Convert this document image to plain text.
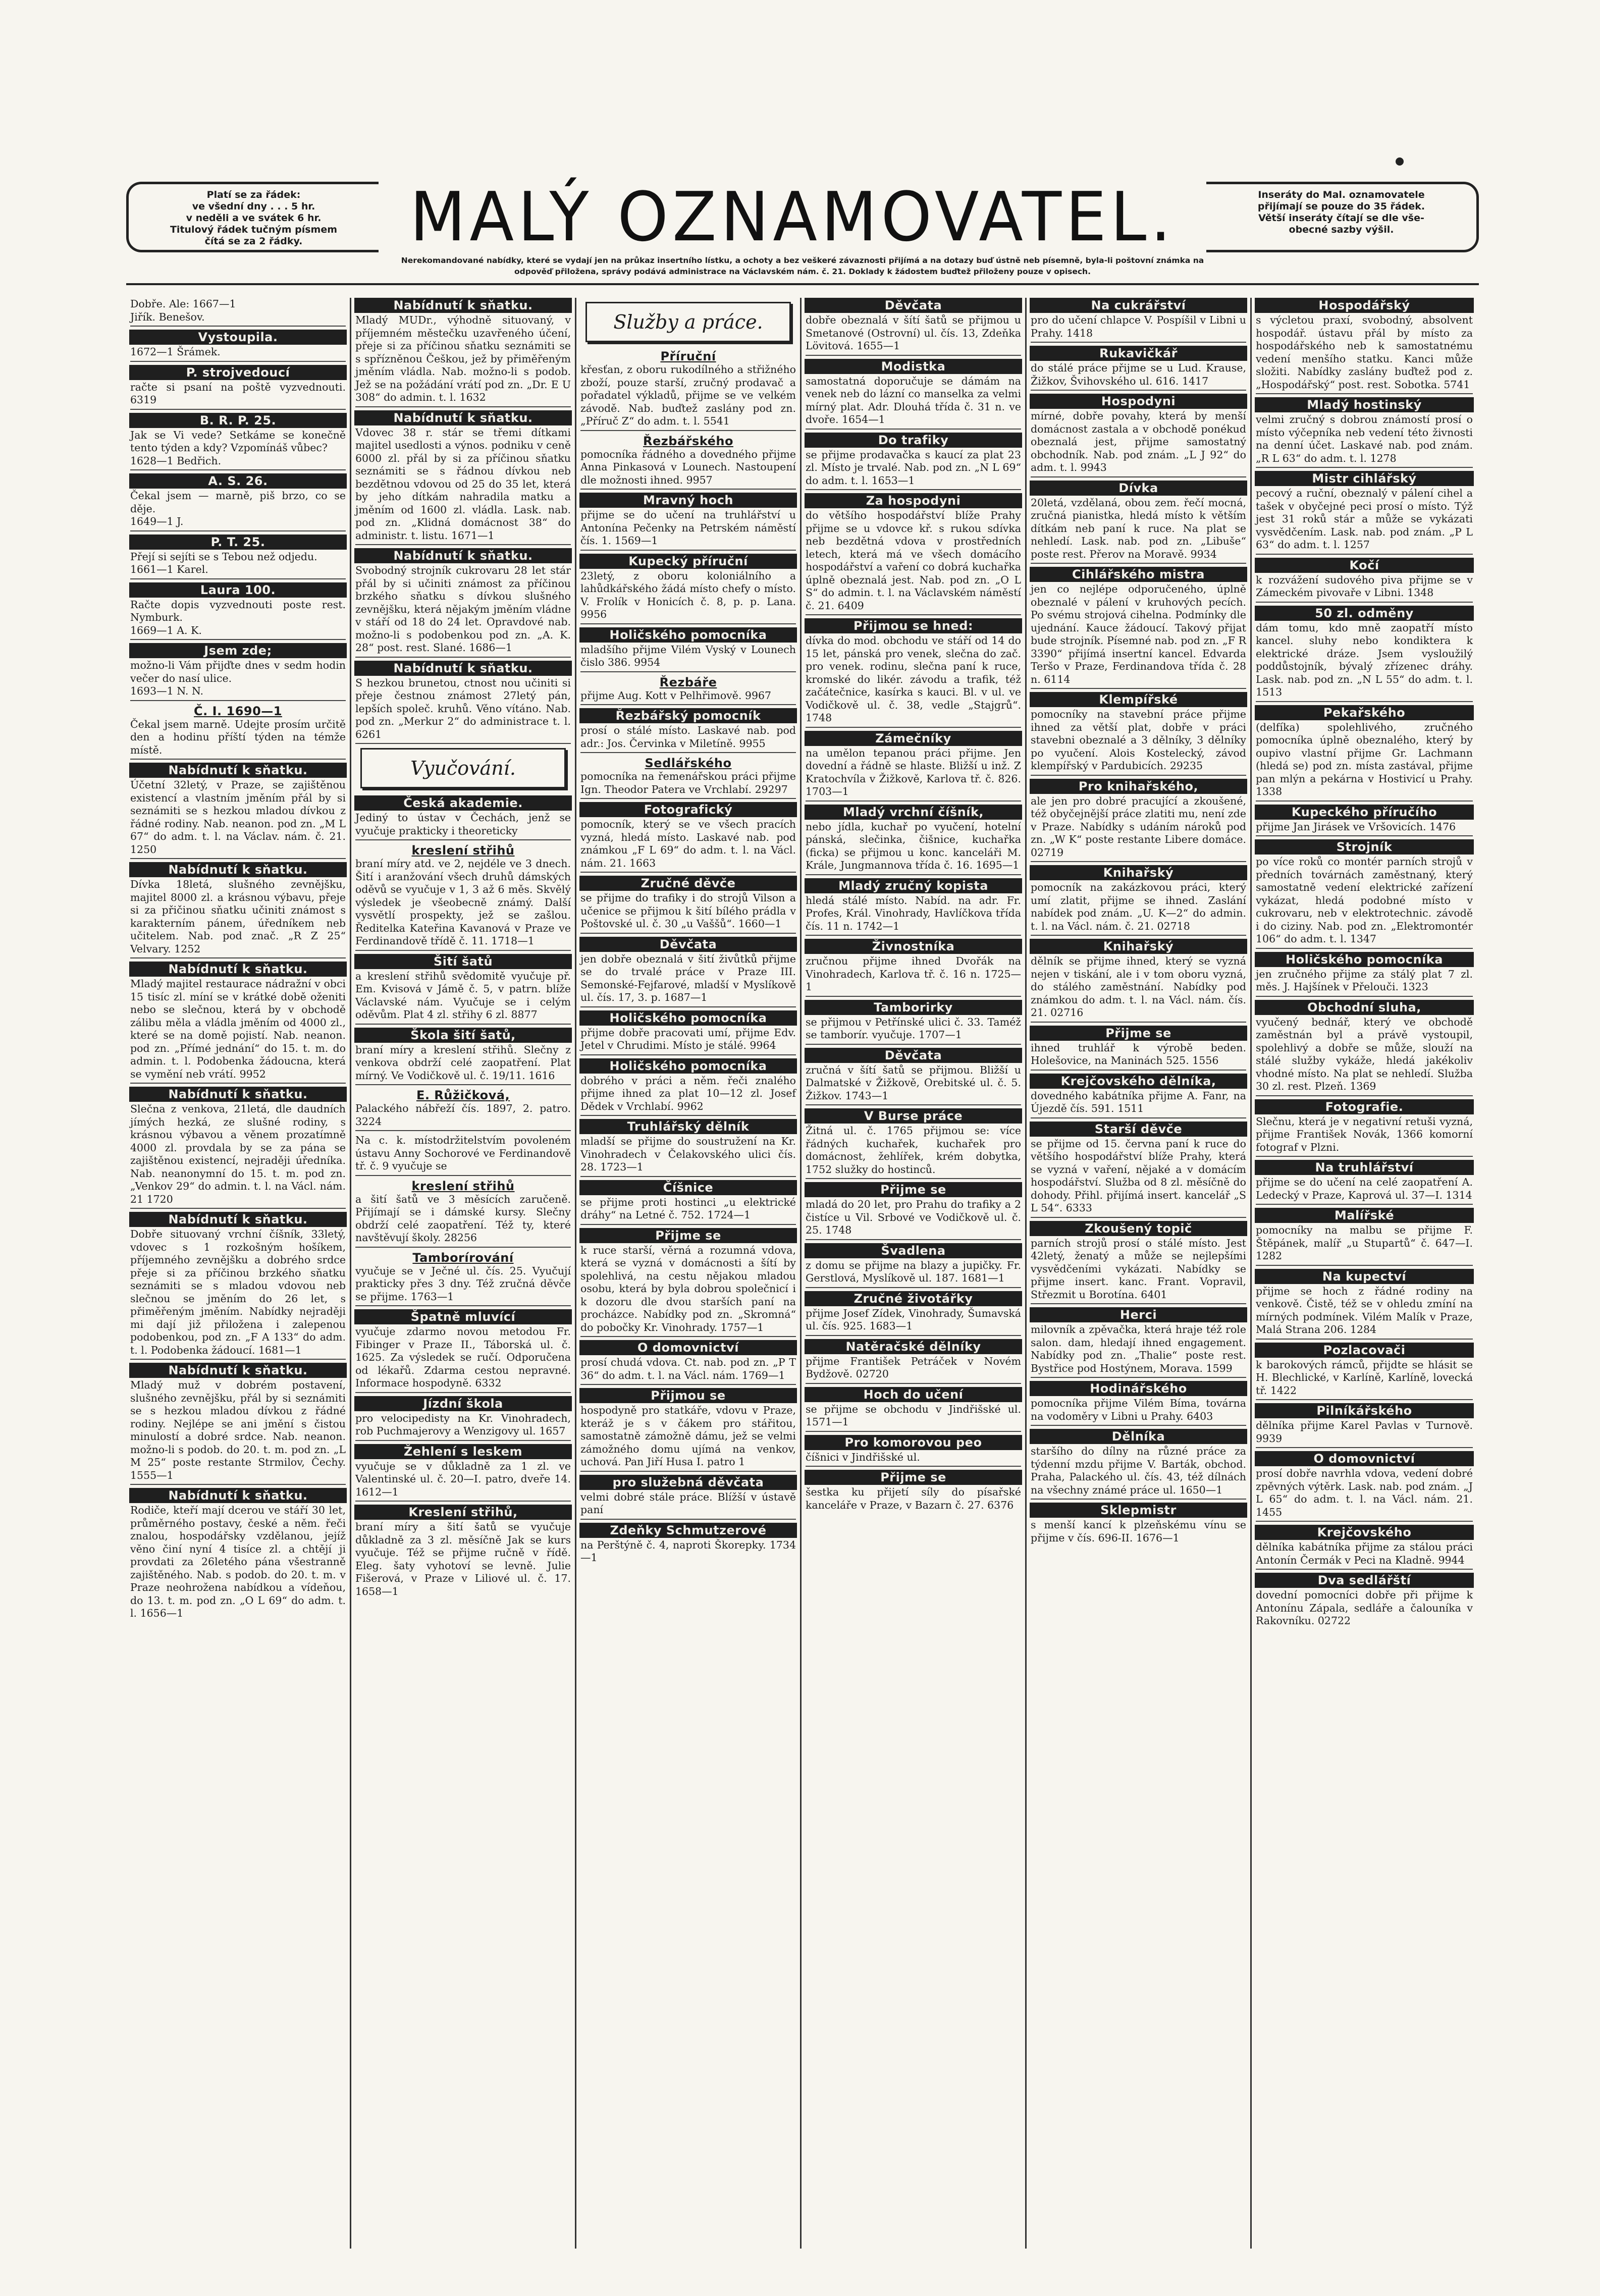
Platí se za řádek:
ve všední dny . . . 5 hr.
v neděli a ve svátek 6 hr.
Titulový řádek tučným písmem
čítá se za 2 řádky.	MALÝ OZNAMOVATEL.	Inseráty do Mal. oznamovatele
přijímají se pouze do 35 řádek.
Větší inseráty čítají se dle vše-
obecné sazby výšil.
Nerekomandované nabídky, které se vydají jen na průkaz insertního lístku, a ochoty a bez veškeré závaznosti přijímá a na dotazy buď ústně neb písemně, byla-li poštovní známka na
odpověď přiložena, správy podává administrace na Václavském nám. č. 21. Doklady k žádostem buďtež přiloženy pouze v opisech.
Dobře. Ale: 1667—1
Jiřík. Benešov.
Vystoupila.
1672—1 Šrámek.
P. strojvedoucí
račte si psaní na poště vyzvednouti. 6319
B. R. P. 25.
Jak se Vi vede? Setkáme se konečně tento týden a kdy? Vzpomínáš vůbec?
1628—1 Bedřich.
A. S. 26.
Čekal jsem — marně, piš brzo, co se děje.
1649—1 J.
P. T. 25.
Přejí si sejíti se s Tebou než odjedu.
1661—1 Karel.
Laura 100.
Račte dopis vyzvednouti poste rest. Nymburk.
1669—1 A. K.
Jsem zde;
možno-li Vám přijďte dnes v sedm hodin večer do nasí ulice.
1693—1 N. N.
Č. I. 1690—1
Čekal jsem marně. Udejte prosím určitě den a hodinu příští týden na témže místě.
Nabídnutí k sňatku.
Účetní 32letý, v Praze, se zajištěnou existencí a vlastním jměním přál by si seznámiti se s hezkou mladou dívkou z řádné rodiny. Nab. neanon. pod zn. „M L 67“ do adm. t. l. na Václav. nám. č. 21. 1250
Nabídnutí k sňatku.
Dívka 18letá, slušného zevnějšku, majitel 8000 zl. a krásnou výbavu, přeje si za přičinou sňatku učiniti známost s karakterním pánem, úředníkem neb učitelem. Nab. pod znač. „R Z 25“ Velvary. 1252
Nabídnutí k sňatku.
Mladý majitel restaurace nádražní v obci 15 tisíc zl. míní se v krátké době oženiti nebo se slečnou, která by v obchodě zálibu měla a vládla jměním od 4000 zl., které se na domě pojistí. Nab. neanon. pod zn. „Přímé jednání“ do 15. t. m. do admin. t. l. Podobenka žádoucna, která se vymění neb vrátí. 9952
Nabídnutí k sňatku.
Slečna z venkova, 21letá, dle daudních jímých hezká, ze slušné rodiny, s krásnou výbavou a věnem prozatímně 4000 zl. provdala by se za pána se zajištěnou existencí, nejraději úředníka. Nab. neanonymní do 15. t. m. pod zn. „Venkov 29“ do admin. t. l. na Václ. nám. 21 1720
Nabídnutí k sňatku.
Dobře situovaný vrchní číšník, 33letý, vdovec s 1 rozkošným hošíkem, příjemného zevnějšku a dobrého srdce přeje si za příčinou brzkého sňatku seznámiti se s mladou vdovou neb slečnou se jměním do 26 let, s přiměřeným jměním. Nabídky nejraději mi dají již přiložena i zalepenou podobenkou, pod zn. „F A 133“ do adm. t. l. Podobenka žádoucí. 1681—1
Nabídnutí k sňatku.
Mladý muž v dobrém postavení, slušného zevnějšku, přál by si seznámiti se s hezkou mladou dívkou z řádné rodiny. Nejlépe se ani jmění s čistou minulostí a dobré srdce. Nab. neanon. možno-li s podob. do 20. t. m. pod zn. „L M 25“ poste restante Strmilov, Čechy. 1555—1
Nabídnutí k sňatku.
Rodiče, kteří mají dcerou ve stáří 30 let, průměrného postavy, české a něm. řeči znalou, hospodářsky vzdělanou, jejíž věno činí nyní 4 tisíce zl. a chtějí ji provdati za 26letého pána všestranně zajištěného. Nab. s podob. do 20. t. m. v Praze neohrožena nabídkou a vídeňou, do 13. t. m. pod zn. „O L 69“ do adm. t. l. 1656—1
Nabídnutí k sňatku.
Mladý MUDr., výhodně situovaný, v příjemném městečku uzavřeného účení, přeje si za příčinou sňatku seznámiti se s spřízněnou Češkou, jež by přiměřeným jměním vládla. Nab. možno-li s podob. Jež se na požádání vrátí pod zn. „Dr. E U 308“ do admin. t. l. 1632
Nabídnutí k sňatku.
Vdovec 38 r. stár se třemi dítkami majitel usedlosti a výnos. podniku v ceně 6000 zl. přál by si za příčinou sňatku seznámiti se s řádnou dívkou neb bezdětnou vdovou od 25 do 35 let, která by jeho dítkám nahradila matku a jměním od 1600 zl. vládla. Lask. nab. pod zn. „Klidná domácnost 38“ do administr. t. listu. 1671—1
Nabídnutí k sňatku.
Svobodný strojník cukrovaru 28 let stár přál by si učiniti známost za příčinou brzkého sňatku s dívkou slušného zevnějšku, která nějakým jměním vládne v stáří od 18 do 24 let. Opravdové nab. možno-li s podobenkou pod zn. „A. K. 28“ post. rest. Slané. 1686—1
Nabídnutí k sňatku.
S hezkou brunetou, ctnost nou učiniti si přeje čestnou známost 27letý pán, lepších společ. kruhů. Věno vítáno. Nab. pod zn. „Merkur 2“ do administrace t. l. 6261
Vyučování.
Česká akademie.
Jediný to ústav v Čechách, jenž se vyučuje prakticky i theoreticky
kreslení střihů
braní míry atd. ve 2, nejdéle ve 3 dnech. Šití i aranžování všech druhů dámských oděvů se vyučuje v 1, 3 až 6 měs. Skvělý výsledek je všeobecně známý. Další vysvětlí prospekty, jež se zašlou. Ředitelka Kateřina Kavanová v Praze ve Ferdinandově třídě č. 11. 1718—1
Šití šatů
a kreslení střihů svědomitě vyučuje př. Em. Kvisová v Jámě č. 5, v patrn. blíže Václavské nám. Vyučuje se i celým oděvům. Plat 4 zl. střihy 6 zl. 8877
Škola šití šatů,
braní míry a kreslení střihů. Slečny z venkova obdrží celé zaopatření. Plat mírný. Ve Vodičkově ul. č. 19/11. 1616
E. Růžičková,
Palackého nábřeží čís. 1897, 2. patro. 3224
Na c. k. místodržitelstvím povoleném ústavu Anny Sochorové ve Ferdinandově tř. č. 9 vyučuje se
kreslení střihů
a šití šatů ve 3 měsících zaručeně. Přijímají se i dámské kursy. Slečny obdrží celé zaopatření. Též ty, které navštěvují školy. 28256
Tamborírování
vyučuje se v Ječné ul. čís. 25. Vyučují prakticky přes 3 dny. Též zručná děvče se přijme. 1763—1
Špatně mluvící
vyučuje zdarmo novou metodou Fr. Fibinger v Praze II., Táborská ul. č. 1625. Za výsledek se ručí. Odporučena od lékařů. Zdarma cestou nepravné. Informace hospodyně. 6332
Jízdní škola
pro velocipedisty na Kr. Vinohradech, rob Puchmajerovy a Wenzigovy ul. 1657
Žehlení s leskem
vyučuje se v důkladně za 1 zl. ve Valentinské ul. č. 20—I. patro, dveře 14. 1612—1
Kreslení střihů,
braní míry a šití šatů se vyučuje důkladně za 3 zl. měsíčně Jak se kurs vyučuje. Též se přijme ručně v řídě. Eleg. šaty vyhotoví se levně. Julie Fišerová, v Praze v Liliové ul. č. 17. 1658—1
Služby a práce.
Příruční
křesťan, z oboru rukodílného a střižného zboží, pouze starší, zručný prodavač a pořadatel výkladů, přijme se ve velkém závodě. Nab. buďtež zaslány pod zn. „Příruč Z“ do adm. t. l. 5541
Řezbářského
pomocníka řádného a dovedného přijme Anna Pinkasová v Lounech. Nastoupení dle možnosti ihned. 9957
Mravný hoch
přijme se do učení na truhlářství u Antonína Pečenky na Petrském náměstí čís. 1. 1569—1
Kupecký příruční
23letý, z oboru koloniálního a lahůdkářského žádá místo chefy o místo. V. Frolík v Honicích č. 8, p. p. Lana. 9956
Holičského pomocníka
mladšího přijme Vilém Vyský v Lounech čislo 386. 9954
Řezbáře
přijme Aug. Kott v Pelhřimově. 9967
Řezbářský pomocník
prosí o stálé místo. Laskavé nab. pod adr.: Jos. Červinka v Miletíně. 9955
Sedlářského
pomocníka na řemenářskou práci přijme Ign. Theodor Patera ve Vrchlabí. 29297
Fotografický
pomocník, který se ve všech pracích vyzná, hledá místo. Laskavé nab. pod známkou „F L 69“ do adm. t. l. na Václ. nám. 21. 1663
Zručné děvče
se přijme do trafiky i do strojů Vilson a učenice se přijmou k šití bílého prádla v Poštovské ul. č. 30 „u Vaššů“. 1660—1
Děvčata
jen dobře obeznalá v šití živůtků přijme se do trvalé práce v Praze III. Semonské-Fejfarové, mladší v Myslíkově ul. čís. 17, 3. p. 1687—1
Holičského pomocníka
přijme dobře pracovati umí, přijme Edv. Jetel v Chrudimi. Místo je stálé. 9964
Holičského pomocníka
dobrého v práci a něm. řeči znalého přijme ihned za plat 10—12 zl. Josef Dědek v Vrchlabí. 9962
Truhlářský dělník
mladší se přijme do soustružení na Kr. Vinohradech v Čelakovského ulici čís. 28. 1723—1
Číšnice
se přijme proti hostinci „u elektrické dráhy“ na Letné č. 752. 1724—1
Přijme se
k ruce starší, věrná a rozumná vdova, která se vyzná v domácnosti a šítí by spolehlivá, na cestu nějakou mladou osobu, která by byla dobrou společnicí i k dozoru dle dvou starších paní na procházce. Nabídky pod zn. „Skromná“ do pobočky Kr. Vinohrady. 1757—1
O domovnictví
prosí chudá vdova. Ct. nab. pod zn. „P T 36“ do adm. t. l. na Václ. nám. 1769—1
Přijmou se
hospodyně pro statkáře, vdovu v Praze, kteráž je s v čákem pro stářitou, samostatně zámožně dámu, jež se velmi zámožného domu ujímá na venkov, uchová. Pan Jiří Husa I. patro 1
pro služebná děvčata
velmi dobré stále práce. Blížší v ústavě paní
Zdeňky Schmutzerové
na Perštýně č. 4, naproti Škorepky. 1734—1
Děvčata
dobře obeznalá v šítí šatů se přijmou u Smetanové (Ostrovní) ul. čís. 13, Zdeňka Lövitová. 1655—1
Modistka
samostatná doporučuje se dámám na venek neb do lázní co manselka za velmi mírný plat. Adr. Dlouhá třída č. 31 n. ve dvoře. 1654—1
Do trafiky
se přijme prodavačka s kaucí za plat 23 zl. Místo je trvalé. Nab. pod zn. „N L 69“ do adm. t. l. 1653—1
Za hospodyni
do většího hospodářství blíže Prahy přijme se u vdovce kř. s rukou sdívka neb bezdětná vdova v prostředních letech, která má ve všech domácího hospodářství a vaření co dobrá kuchařka úplně obeznalá jest. Nab. pod zn. „O L S“ do admin. t. l. na Václavském náměstí č. 21. 6409
Přijmou se hned:
dívka do mod. obchodu ve stáří od 14 do 15 let, pánská pro venek, slečna do zač. pro venek. rodinu, slečna paní k ruce, kromské do likér. závodu a trafik, též začátečnice, kasírka s kauci. Bl. v ul. ve Vodičkově ul. č. 38, vedle „Stajgrů“. 1748
Zámečníky
na umělon tepanou práci přijme. Jen dovední a řádně se hlaste. Bližší u inž. Z Kratochvíla v Žižkově, Karlova tř. č. 826. 1703—1
Mladý vrchní číšník,
nebo jídla, kuchař po vyučení, hotelní pánská, slečinka, čišnice, kuchařka (ficka) se přijmou u konc. kanceláři M. Krále, Jungmannova třída č. 16. 1695—1
Mladý zručný kopista
hledá stálé místo. Nabíd. na adr. Fr. Profes, Král. Vinohrady, Havlíčkova třída čís. 11 n. 1742—1
Živnostníka
zručnou přijme ihned Dvořák na Vinohradech, Karlova tř. č. 16 n. 1725—1
Tamborirky
se přijmou v Petřínské ulici č. 33. Taméž se tamborír. vyučuje. 1707—1
Děvčata
zručná v šítí šatů se přijmou. Bližší u Dalmatské v Žižkově, Orebitské ul. č. 5. Žižkov. 1743—1
V Burse práce
Žitná ul. č. 1765 přijmou se: více řádných kuchařek, kuchařek pro domácnost, žehlířek, krém dobytka, 1752 služky do hostinců.
Přijme se
mladá do 20 let, pro Prahu do trafiky a 2 čistíce u Vil. Srbové ve Vodičkově ul. č. 25. 1748
Švadlena
z domu se přijme na blazy a jupičky. Fr. Gerstlová, Myslíkově ul. 187. 1681—1
Zručné životářky
přijme Josef Zídek, Vinohrady, Šumavská ul. čís. 925. 1683—1
Natěračské dělníky
přijme František Petráček v Novém Bydžově. 02720
Hoch do učení
se přijme se obchodu v Jindřišské ul. 1571—1
Pro komorovou peo
číšnici v Jindřišské ul.
Přijme se
šestka ku přijetí síly do písařské kanceláře v Praze, v Bazarn č. 27. 6376
Na cukrářství
pro do učení chlapce V. Pospíšil v Libni u Prahy. 1418
Rukavičkář
do stálé práce přijme se u Lud. Krause, Žižkov, Švihovského ul. 616. 1417
Hospodyni
mírné, dobře povahy, která by menší domácnost zastala a v obchodě ponékud obeznalá jest, přijme samostatný obchodník. Nab. pod znám. „L J 92“ do adm. t. l. 9943
Dívka
20letá, vzdělaná, obou zem. řečí mocná, zručná pianistka, hledá místo k větším dítkám neb paní k ruce. Na plat se nehledí. Lask. nab. pod zn. „Libuše“ poste rest. Přerov na Moravě. 9934
Cihlářského mistra
jen co nejlépe odporučeného, úplně obeznalé v pálení v kruhových pecích. Po svému strojová cihelna. Podmínky dle ujednání. Kauce žádoucí. Takový přijat bude strojník. Písemné nab. pod zn. „F R 3390“ přijímá insertní kancel. Edvarda Teršo v Praze, Ferdinandova třída č. 28 n. 6114
Klempířské
pomocníky na stavební práce přijme ihned za větší plat, dobře v práci stavebni obeznalé a 3 dělníky, 3 dělníky po vyučení. Alois Kostelecký, závod klempířský v Pardubicích. 29235
Pro knihařského,
ale jen pro dobré pracující a zkoušené, též obyčejnější práce zlatiti mu, není zde v Praze. Nabídky s udáním nároků pod zn. „W K“ poste restante Libere domáce. 02719
Knihařský
pomocník na zakázkovou práci, který umí zlatit, přijme se ihned. Zaslání nabídek pod znám. „U. K—2“ do admin. t. l. na Václ. nám. č. 21. 02718
Knihařský
dělník se přijme ihned, který se vyzná nejen v tiskání, ale i v tom oboru vyzná, do stálého zaměstnání. Nabídky pod známkou do adm. t. l. na Václ. nám. čís. 21. 02716
Přijme se
ihned truhlář k výrobě beden. Holešovice, na Maninách 525. 1556
Krejčovského dělníka,
dovedného kabátníka přijme A. Fanr, na Újezdě čís. 591. 1511
Starší děvče
se přijme od 15. června paní k ruce do většího hospodářství blíže Prahy, která se vyzná v vaření, nějaké a v domácím hospodářství. Služba od 8 zl. měsíčně do dohody. Přihl. přijímá insert. kancelář „S L 54“. 6333
Zkoušený topič
parních strojů prosí o stálé místo. Jest 42letý, ženatý a může se nejlepšími vysvědčeními vykázati. Nabídky se přijme insert. kanc. Frant. Vopravil, Střezmit u Borotína. 6401
Herci
milovník a zpěvačka, která hraje též role salon. dam, hledají ihned engagement. Nabídky pod zn. „Thalie“ poste rest. Bystřice pod Hostýnem, Morava. 1599
Hodinářského
pomocníka přijme Vilém Bíma, továrna na vodoměry v Libni u Prahy. 6403
Dělníka
staršího do dílny na různé práce za týdenní mzdu přijme V. Barták, obchod. Praha, Palackého ul. čís. 43, též dílnách na všechny známé práce ul. 1650—1
Sklepmistr
s menší kancí k plzeňskému vínu se přijme v čís. 696-II. 1676—1
Hospodářský
s výcletou praxí, svobodný, absolvent hospodář. ústavu přál by místo za hospodářského neb k samostatnému vedení menšího statku. Kanci může složiti. Nabídky zaslány buďtež pod z. „Hospodářský“ post. rest. Sobotka. 5741
Mladý hostinský
velmi zručný s dobrou známostí prosí o místo výčepníka neb vedení této živnosti na denní účet. Laskavé nab. pod znám. „R L 63“ do adm. t. l. 1278
Mistr cihlářský
pecový a ruční, obeznalý v pálení cihel a tašek v obyčejné peci prosí o místo. Týž jest 31 roků stár a může se vykázati vysvědčením. Lask. nab. pod znám. „P L 63“ do adm. t. l. 1257
Kočí
k rozvážení sudového piva přijme se v Zámeckém pivovaře v Libni. 1348
50 zl. odměny
dám tomu, kdo mně zaopatří místo kancel. sluhy nebo kondiktera k elektrické dráze. Jsem vysloužilý poddůstojník, bývalý zřízenec dráhy. Lask. nab. pod zn. „N L 55“ do adm. t. l. 1513
Pekařského
(delfíka) spolehlivého, zručného pomocníka úplně obeznalého, který by oupivo vlastní přijme Gr. Lachmann (hledá se) pod zn. místa zastával, přijme pan mlýn a pekárna v Hostivicí u Prahy. 1338
Kupeckého příručího
přijme Jan Jirásek ve Vršovicích. 1476
Strojník
po více roků co montér parních strojů v předních továrnách zaměstnaný, který samostatně vedení elektrické zařízení vykázat, hledá podobné místo v cukrovaru, neb v elektrotechnic. závodě i do ciziny. Nab. pod zn. „Elektromontér 106“ do adm. t. l. 1347
Holičského pomocníka
jen zručného přijme za stálý plat 7 zl. měs. J. Hajšínek v Přelouči. 1323
Obchodní sluha,
vyučený bednář, který ve obchodě zaměstnán byl a právě vystoupil, spolehlivý a dobře se může, slouží na stálé služby vykáže, hledá jakékoliv vhodné místo. Na plat se nehledí. Služba 30 zl. rest. Plzeň. 1369
Fotografie.
Slečnu, která je v negativní retuši vyzná, přijme František Novák, 1366 komorní fotograf v Plzni.
Na truhlářství
přijme se do učení na celé zaopatření A. Ledecký v Praze, Kaprová ul. 37—I. 1314
Malířské
pomocníky na malbu se přijme F. Štěpánek, malíř „u Stupartů“ č. 647—I. 1282
Na kupectví
přijme se hoch z řádné rodiny na venkově. Čistě, též se v ohledu zmíní na mírných podmínek. Vilém Malík v Praze, Malá Strana 206. 1284
Pozlacovači
k barokových rámců, přijdte se hlásit se H. Blechlické, v Karlíně, Karlíně, lovecká tř. 1422
Pilníkářského
dělníka přijme Karel Pavlas v Turnově. 9939
O domovnictví
prosí dobře navrhla vdova, vedení dobré zpěvných výtěrk. Lask. nab. pod znám. „J L 65“ do adm. t. l. na Václ. nám. 21. 1455
Krejčovského
dělníka kabátníka přijme za stálou práci Antonín Čermák v Peci na Kladně. 9944
Dva sedlářští
dovední pomocníci dobře při přijme k Antonínu Zápala, sedláře a čalouníka v Rakovníku. 02722
